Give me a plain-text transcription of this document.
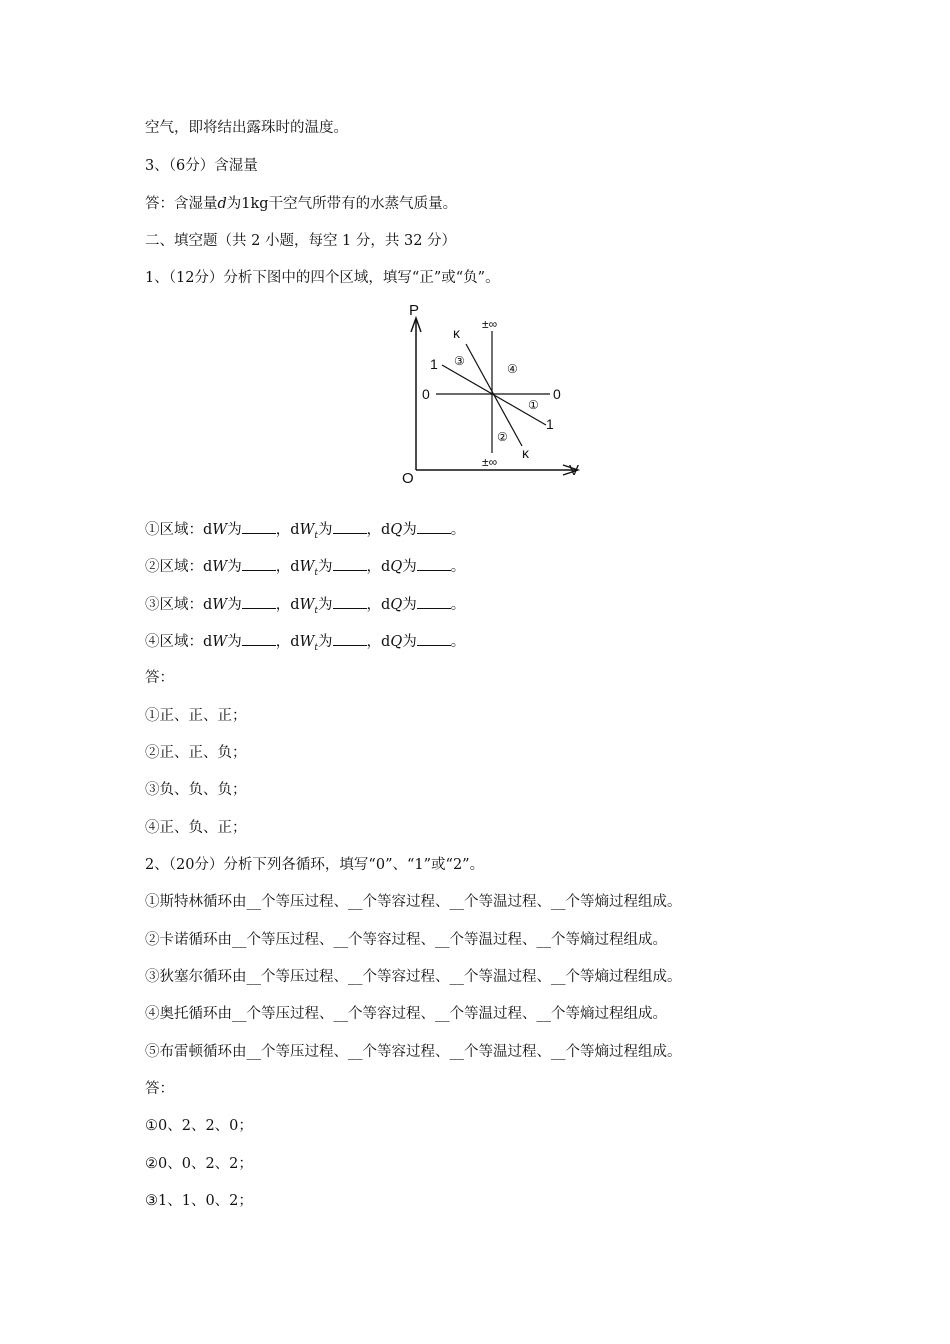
空气，即将结出露珠时的温度。
3、（6分）含湿量
答：含湿量d为1kg干空气所带有的水蒸气质量。
二、填空题（共 2 小题，每空 1 分，共 32 分）
1、（12分）分析下图中的四个区域，填写“正”或“负”。
P
V
O
±∞
±∞
κ
κ
1
1
0	0
①
②
③
④
①区域：dW为 ，$dW_t$为 ，dQ为 。
②区域：dW为 ，$dW_t$为 ，dQ为 。
③区域：dW为 ，$dW_t$为 ，dQ为 。
④区域：dW为 ，$dW_t$为 ，dQ为 。
答：
①正、正、正；
②正、正、负；
③负、负、负；
④正、负、正；
2、（20分）分析下列各循环，填写“0”、“1”或“2”。
①斯特林循环由__个等压过程、__个等容过程、__个等温过程、__个等熵过程组成。
②卡诺循环由__个等压过程、__个等容过程、__个等温过程、__个等熵过程组成。
③狄塞尔循环由__个等压过程、__个等容过程、__个等温过程、__个等熵过程组成。
④奥托循环由__个等压过程、__个等容过程、__个等温过程、__个等熵过程组成。
⑤布雷顿循环由__个等压过程、__个等容过程、__个等温过程、__个等熵过程组成。
答：
①0、2、2、0；
②0、0、2、2；
③1、1、0、2；
